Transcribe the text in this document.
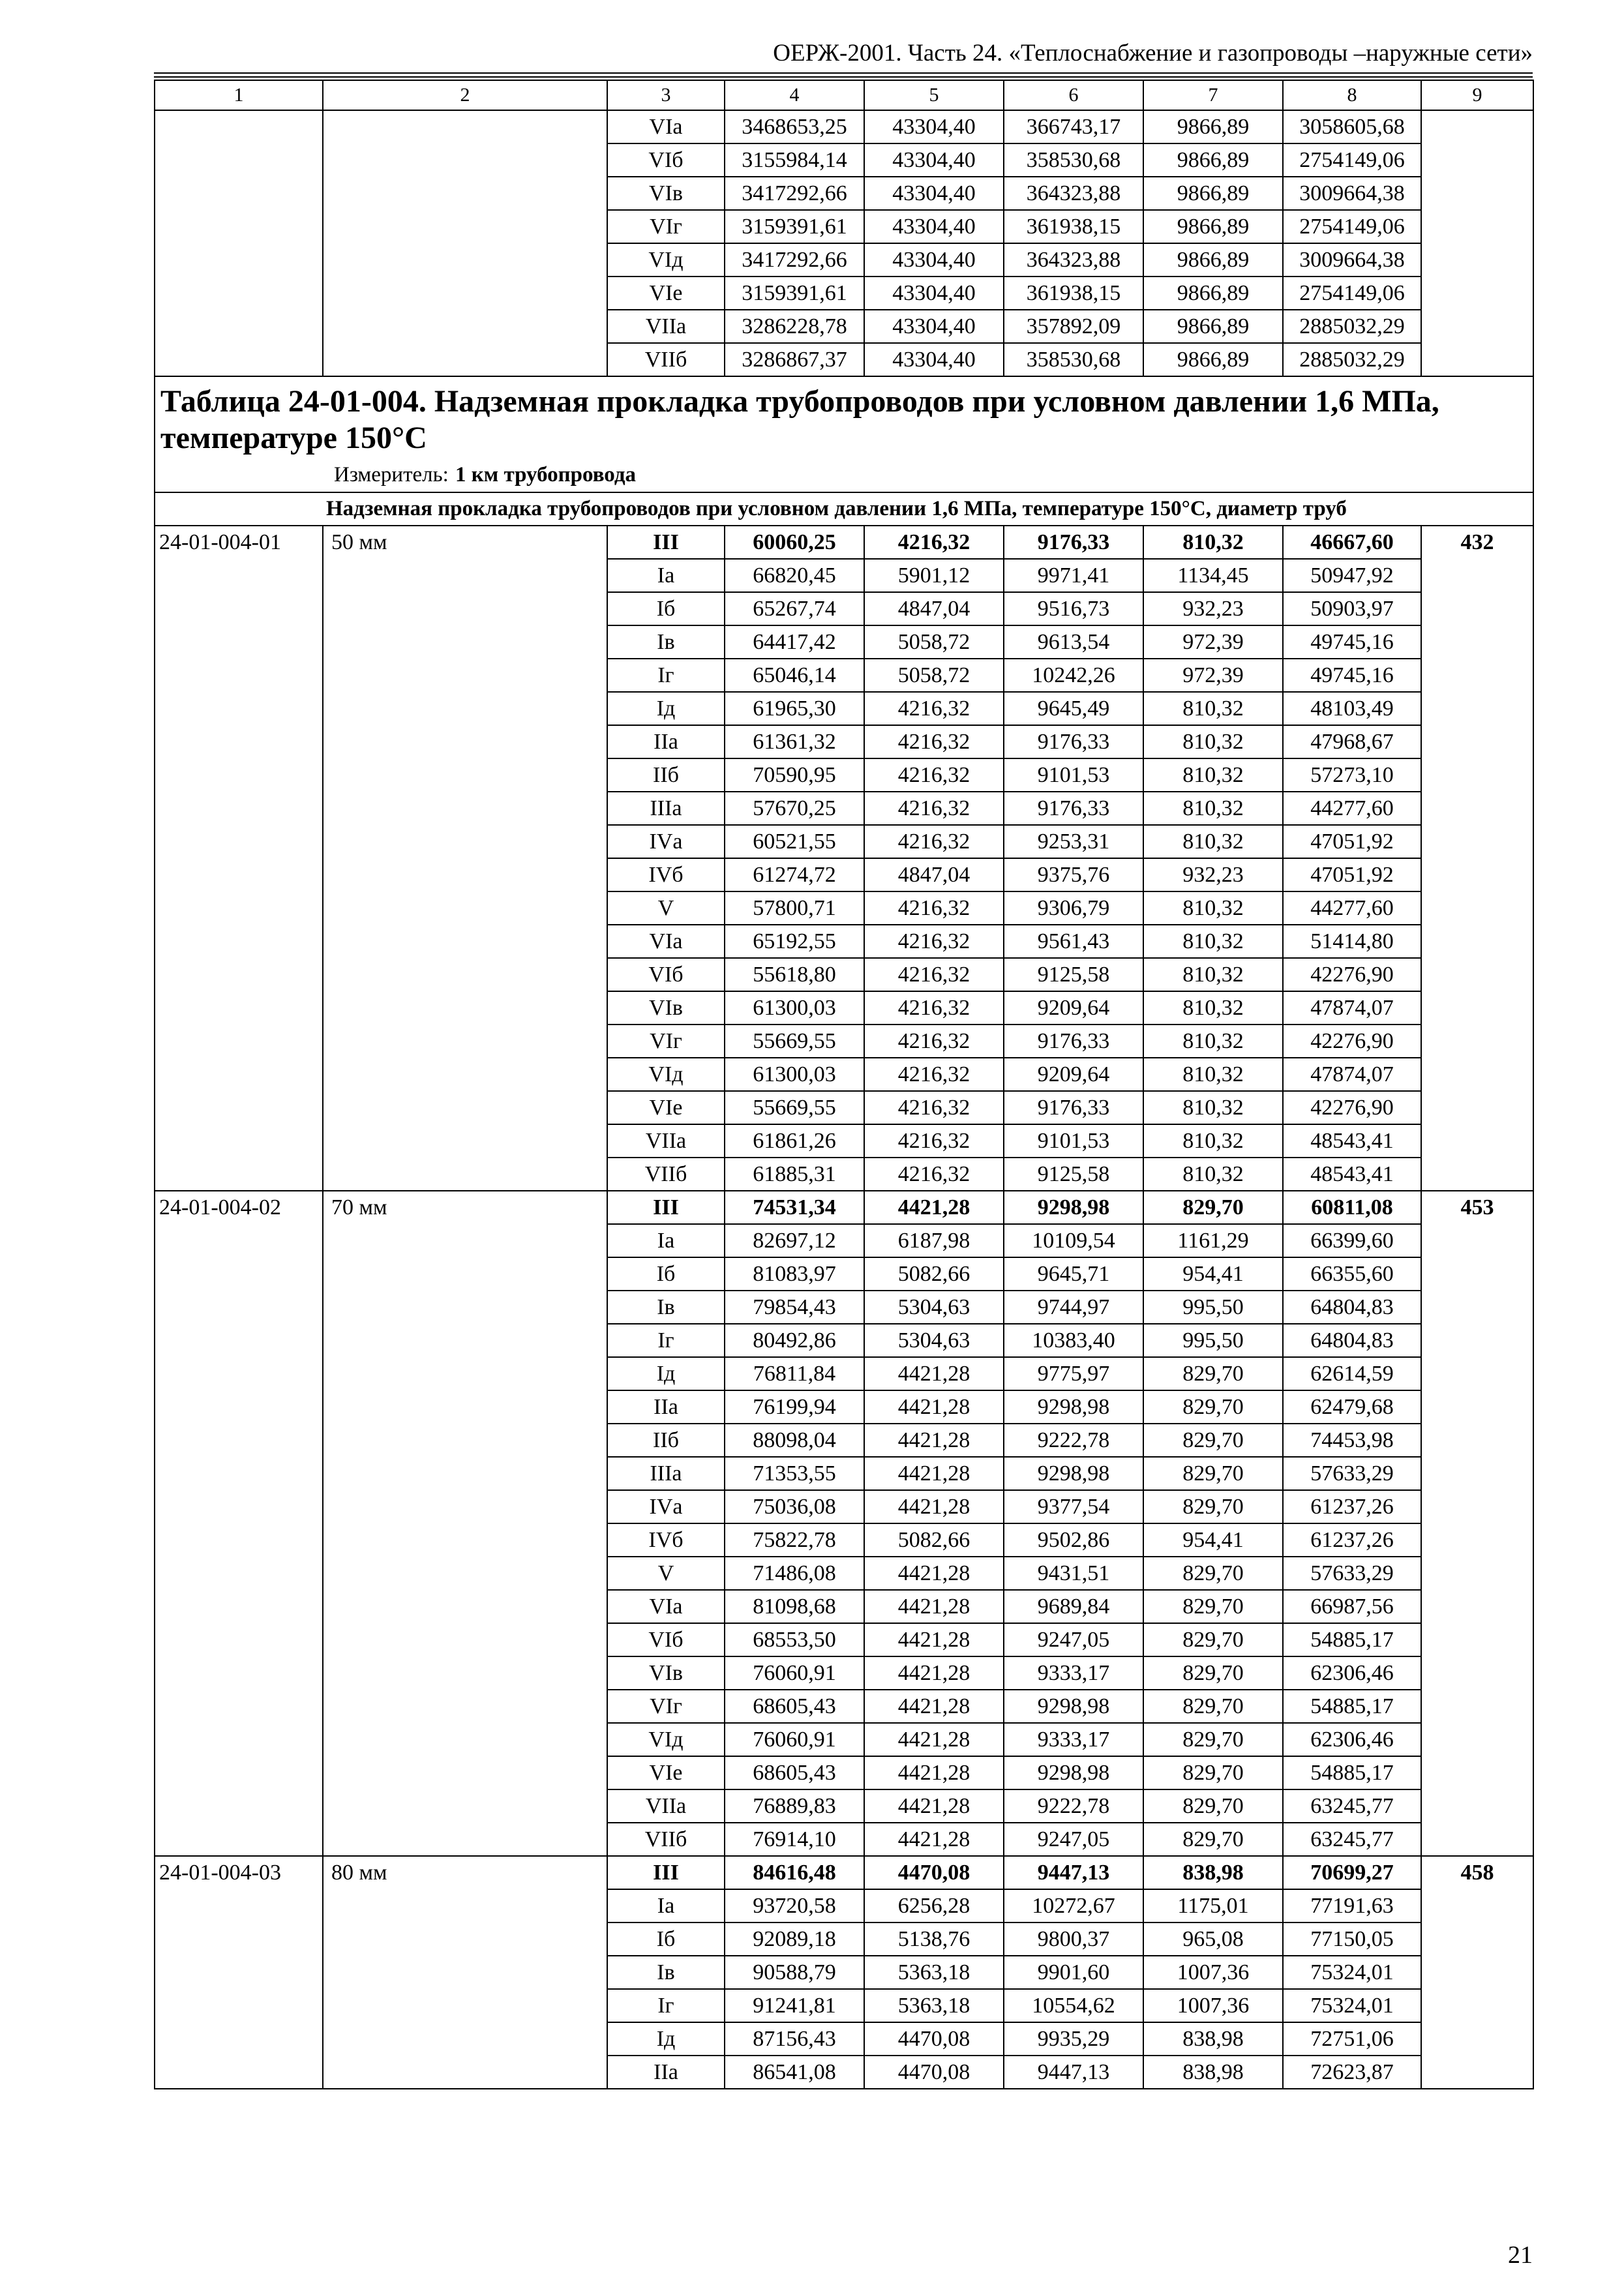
ОЕРЖ-2001. Часть 24. «Теплоснабжение и газопроводы –наружные сети»
1	2	3	4	5	6	7	8	9
		VIа	3468653,25	43304,40	366743,17	9866,89	3058605,68	
		VIб	3155984,14	43304,40	358530,68	9866,89	2754149,06	
		VIв	3417292,66	43304,40	364323,88	9866,89	3009664,38	
		VIг	3159391,61	43304,40	361938,15	9866,89	2754149,06	
		VIд	3417292,66	43304,40	364323,88	9866,89	3009664,38	
		VIе	3159391,61	43304,40	361938,15	9866,89	2754149,06	
		VIIа	3286228,78	43304,40	357892,09	9866,89	2885032,29	
		VIIб	3286867,37	43304,40	358530,68	9866,89	2885032,29	

Таблица 24-01-004. Надземная прокладка трубопроводов при условном давлении 1,6 МПа, температуре 150°С
Измеритель: 1 км трубопровода								

Надземная прокладка трубопроводов при условном давлении 1,6 МПа, температуре 150°С, диаметр труб								
24-01-004-01	50 мм	III	60060,25	4216,32	9176,33	810,32	46667,60	432
		Iа	66820,45	5901,12	9971,41	1134,45	50947,92	
		Iб	65267,74	4847,04	9516,73	932,23	50903,97	
		Iв	64417,42	5058,72	9613,54	972,39	49745,16	
		Iг	65046,14	5058,72	10242,26	972,39	49745,16	
		Iд	61965,30	4216,32	9645,49	810,32	48103,49	
		IIа	61361,32	4216,32	9176,33	810,32	47968,67	
		IIб	70590,95	4216,32	9101,53	810,32	57273,10	
		IIIа	57670,25	4216,32	9176,33	810,32	44277,60	
		IVа	60521,55	4216,32	9253,31	810,32	47051,92	
		IVб	61274,72	4847,04	9375,76	932,23	47051,92	
		V	57800,71	4216,32	9306,79	810,32	44277,60	
		VIа	65192,55	4216,32	9561,43	810,32	51414,80	
		VIб	55618,80	4216,32	9125,58	810,32	42276,90	
		VIв	61300,03	4216,32	9209,64	810,32	47874,07	
		VIг	55669,55	4216,32	9176,33	810,32	42276,90	
		VIд	61300,03	4216,32	9209,64	810,32	47874,07	
		VIе	55669,55	4216,32	9176,33	810,32	42276,90	
		VIIа	61861,26	4216,32	9101,53	810,32	48543,41	
		VIIб	61885,31	4216,32	9125,58	810,32	48543,41	
24-01-004-02	70 мм	III	74531,34	4421,28	9298,98	829,70	60811,08	453
		Iа	82697,12	6187,98	10109,54	1161,29	66399,60	
		Iб	81083,97	5082,66	9645,71	954,41	66355,60	
		Iв	79854,43	5304,63	9744,97	995,50	64804,83	
		Iг	80492,86	5304,63	10383,40	995,50	64804,83	
		Iд	76811,84	4421,28	9775,97	829,70	62614,59	
		IIа	76199,94	4421,28	9298,98	829,70	62479,68	
		IIб	88098,04	4421,28	9222,78	829,70	74453,98	
		IIIа	71353,55	4421,28	9298,98	829,70	57633,29	
		IVа	75036,08	4421,28	9377,54	829,70	61237,26	
		IVб	75822,78	5082,66	9502,86	954,41	61237,26	
		V	71486,08	4421,28	9431,51	829,70	57633,29	
		VIа	81098,68	4421,28	9689,84	829,70	66987,56	
		VIб	68553,50	4421,28	9247,05	829,70	54885,17	
		VIв	76060,91	4421,28	9333,17	829,70	62306,46	
		VIг	68605,43	4421,28	9298,98	829,70	54885,17	
		VIд	76060,91	4421,28	9333,17	829,70	62306,46	
		VIе	68605,43	4421,28	9298,98	829,70	54885,17	
		VIIа	76889,83	4421,28	9222,78	829,70	63245,77	
		VIIб	76914,10	4421,28	9247,05	829,70	63245,77	
24-01-004-03	80 мм	III	84616,48	4470,08	9447,13	838,98	70699,27	458
		Iа	93720,58	6256,28	10272,67	1175,01	77191,63	
		Iб	92089,18	5138,76	9800,37	965,08	77150,05	
		Iв	90588,79	5363,18	9901,60	1007,36	75324,01	
		Iг	91241,81	5363,18	10554,62	1007,36	75324,01	
		Iд	87156,43	4470,08	9935,29	838,98	72751,06	
		IIа	86541,08	4470,08	9447,13	838,98	72623,87	
21
